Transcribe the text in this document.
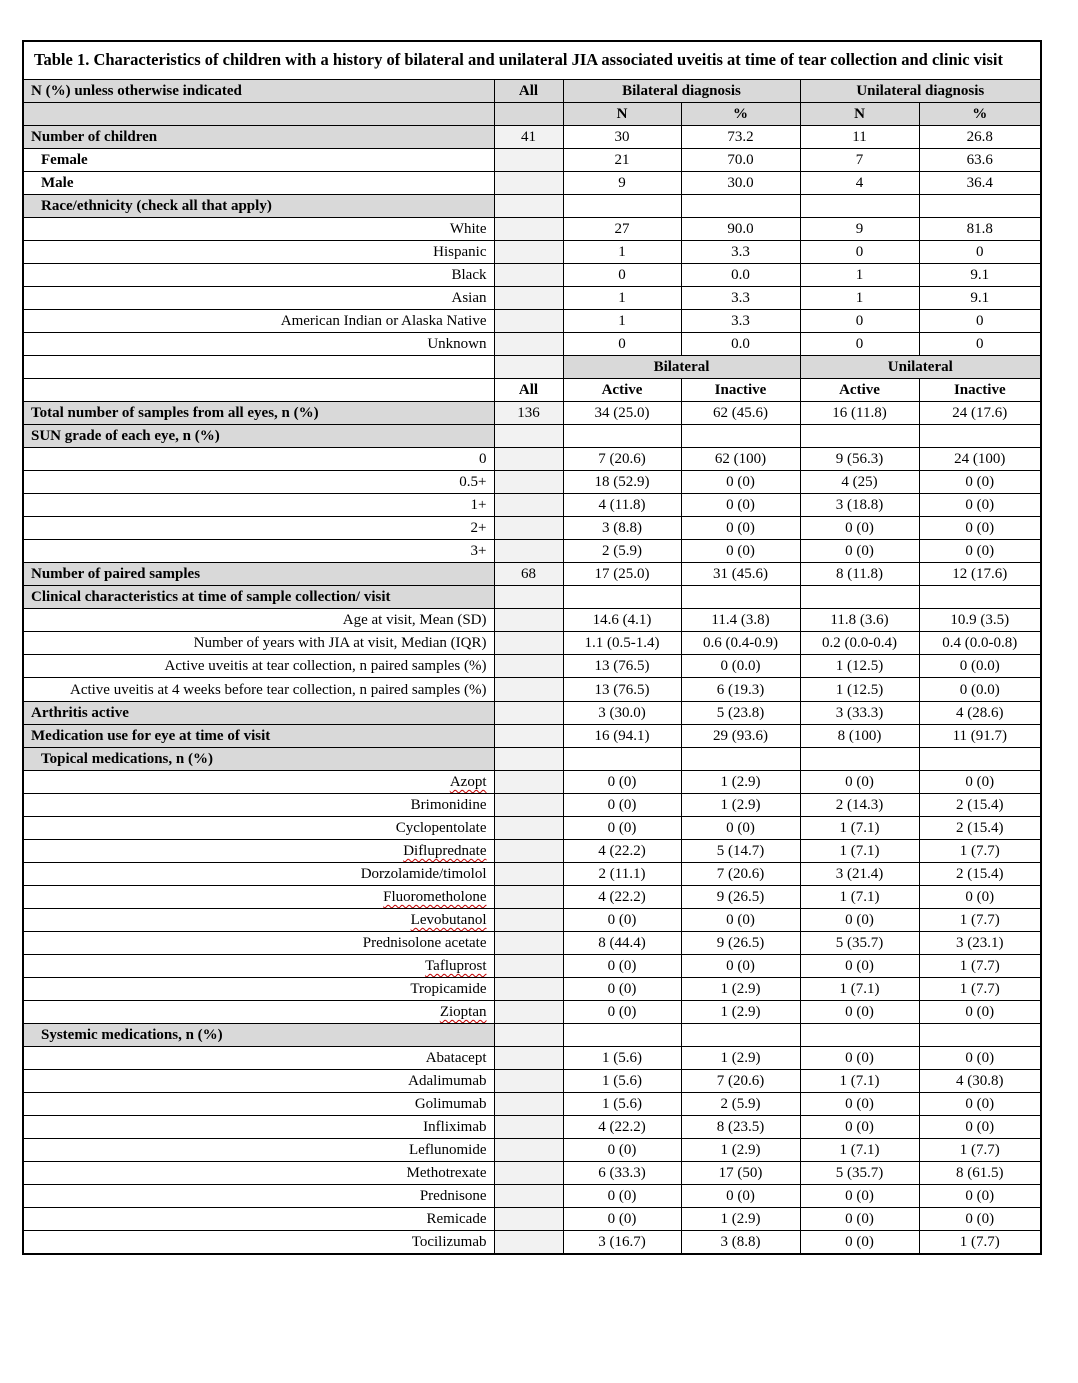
Table 1. Characteristics of children with a history of bilateral and unilateral JIA associated uveitis at time of tear collection and clinic visit					
N (%) unless otherwise indicated	All	Bilateral diagnosis		Unilateral diagnosis	
		N	%	N	%
Number of children	41	30	73.2	11	26.8
Female		21	70.0	7	63.6
Male		9	30.0	4	36.4
Race/ethnicity (check all that apply)					
White		27	90.0	9	81.8
Hispanic		1	3.3	0	0
Black		0	0.0	1	9.1
Asian		1	3.3	1	9.1
American Indian or Alaska Native		1	3.3	0	0
Unknown		0	0.0	0	0
		Bilateral		Unilateral	
	All	Active	Inactive	Active	Inactive
Total number of samples from all eyes, n (%)	136	34 (25.0)	62 (45.6)	16 (11.8)	24 (17.6)
SUN grade of each eye, n (%)					
0		7 (20.6)	62 (100)	9 (56.3)	24 (100)
0.5+		18 (52.9)	0 (0)	4 (25)	0 (0)
1+		4 (11.8)	0 (0)	3 (18.8)	0 (0)
2+		3 (8.8)	0 (0)	0 (0)	0 (0)
3+		2 (5.9)	0 (0)	0 (0)	0 (0)
Number of paired samples	68	17 (25.0)	31 (45.6)	8 (11.8)	12 (17.6)
Clinical characteristics at time of sample collection/ visit					
Age at visit, Mean (SD)		14.6 (4.1)	11.4 (3.8)	11.8 (3.6)	10.9 (3.5)
Number of years with JIA at visit, Median (IQR)		1.1 (0.5-1.4)	0.6 (0.4-0.9)	0.2 (0.0-0.4)	0.4 (0.0-0.8)
Active uveitis at tear collection, n paired samples (%)		13 (76.5)	0 (0.0)	1 (12.5)	0 (0.0)
Active uveitis at 4 weeks before tear collection, n paired samples (%)		13 (76.5)	6 (19.3)	1 (12.5)	0 (0.0)
Arthritis active		3 (30.0)	5 (23.8)	3 (33.3)	4 (28.6)
Medication use for eye at time of visit		16 (94.1)	29 (93.6)	8 (100)	11 (91.7)
Topical medications, n (%)					
Azopt		0 (0)	1 (2.9)	0 (0)	0 (0)
Brimonidine		0 (0)	1 (2.9)	2 (14.3)	2 (15.4)
Cyclopentolate		0 (0)	0 (0)	1 (7.1)	2 (15.4)
Difluprednate		4 (22.2)	5 (14.7)	1 (7.1)	1 (7.7)
Dorzolamide/timolol		2 (11.1)	7 (20.6)	3 (21.4)	2 (15.4)
Fluorometholone		4 (22.2)	9 (26.5)	1 (7.1)	0 (0)
Levobutanol		0 (0)	0 (0)	0 (0)	1 (7.7)
Prednisolone acetate		8 (44.4)	9 (26.5)	5 (35.7)	3 (23.1)
Tafluprost		0 (0)	0 (0)	0 (0)	1 (7.7)
Tropicamide		0 (0)	1 (2.9)	1 (7.1)	1 (7.7)
Zioptan		0 (0)	1 (2.9)	0 (0)	0 (0)
Systemic medications, n (%)					
Abatacept		1 (5.6)	1 (2.9)	0 (0)	0 (0)
Adalimumab		1 (5.6)	7 (20.6)	1 (7.1)	4 (30.8)
Golimumab		1 (5.6)	2 (5.9)	0 (0)	0 (0)
Infliximab		4 (22.2)	8 (23.5)	0 (0)	0 (0)
Leflunomide		0 (0)	1 (2.9)	1 (7.1)	1 (7.7)
Methotrexate		6 (33.3)	17 (50)	5 (35.7)	8 (61.5)
Prednisone		0 (0)	0 (0)	0 (0)	0 (0)
Remicade		0 (0)	1 (2.9)	0 (0)	0 (0)
Tocilizumab		3 (16.7)	3 (8.8)	0 (0)	1 (7.7)
